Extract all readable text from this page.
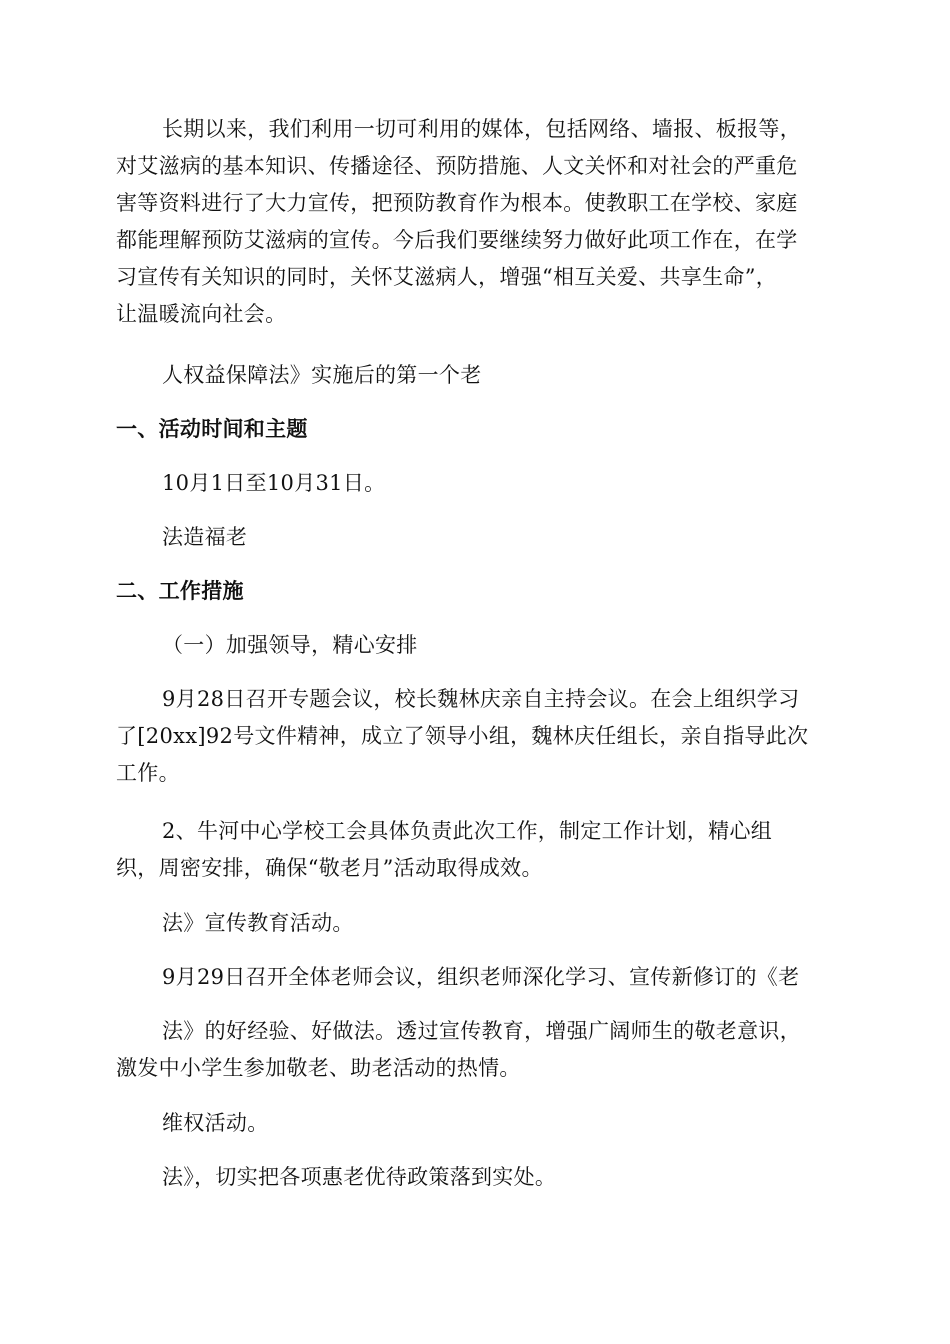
长期以来，我们利用一切可利用的媒体，包括网络、墙报、板报等，
对艾滋病的基本知识、传播途径、预防措施、人文关怀和对社会的严重危
害等资料进行了大力宣传，把预防教育作为根本。使教职工在学校、家庭
都能理解预防艾滋病的宣传。今后我们要继续努力做好此项工作在，在学
习宣传有关知识的同时，关怀艾滋病人，增强“相互关爱、共享生命”，
让温暖流向社会。
人权益保障法》实施后的第一个老
一、活动时间和主题
10月1日至10月31日。
法造福老
二、工作措施
（一）加强领导，精心安排
9月28日召开专题会议，校长魏林庆亲自主持会议。在会上组织学习
了[20xx]92号文件精神，成立了领导小组，魏林庆任组长，亲自指导此次
工作。
2、牛河中心学校工会具体负责此次工作，制定工作计划，精心组
织，周密安排，确保“敬老月”活动取得成效。
法》宣传教育活动。
9月29日召开全体老师会议，组织老师深化学习、宣传新修订的《老
法》的好经验、好做法。透过宣传教育，增强广阔师生的敬老意识，
激发中小学生参加敬老、助老活动的热情。
维权活动。
法》，切实把各项惠老优待政策落到实处。
